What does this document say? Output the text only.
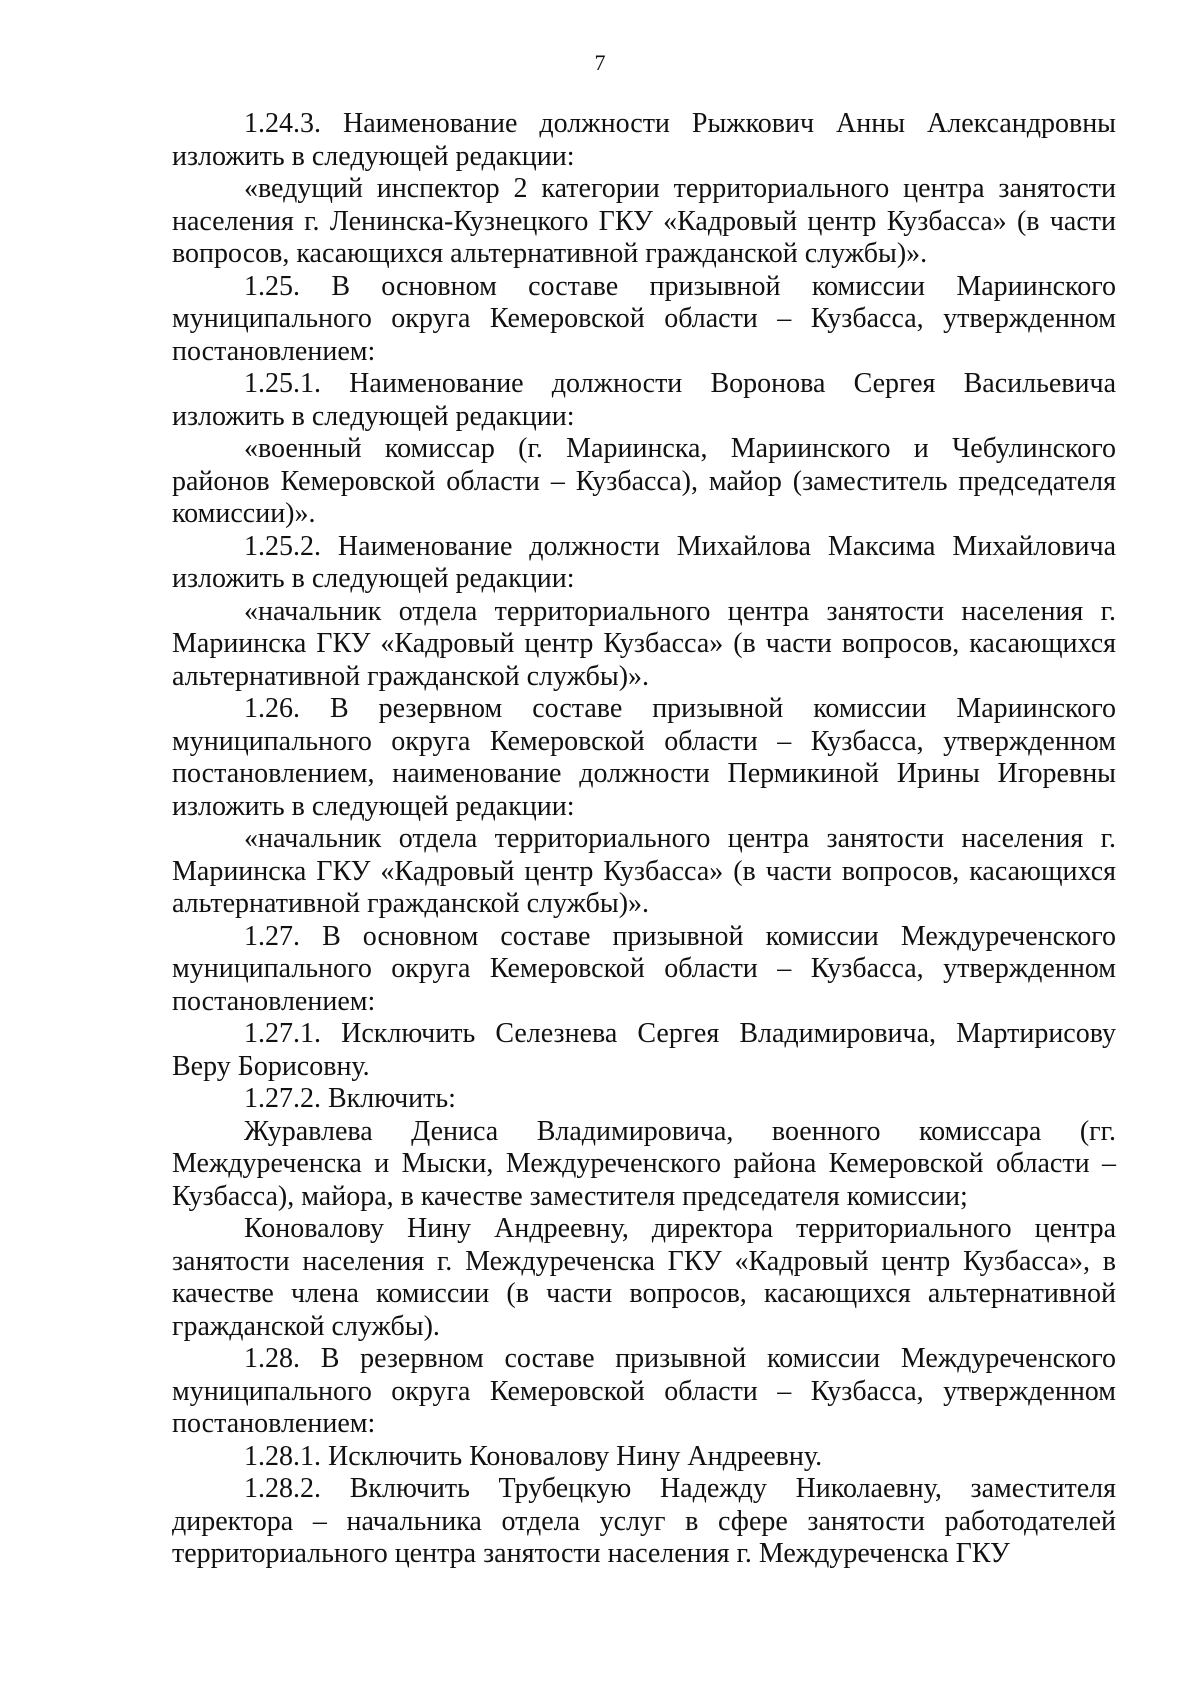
7

1.24.3. Наименование должности Рыжкович Анны Александровны изложить в следующей редакции:

«ведущий инспектор 2 категории территориального центра занятости населения г. Ленинска-Кузнецкого ГКУ «Кадровый центр Кузбасса» (в части вопросов, касающихся альтернативной гражданской службы)».

1.25. В основном составе призывной комиссии Мариинского муниципального округа Кемеровской области – Кузбасса, утвержденном постановлением:

1.25.1. Наименование должности Воронова Сергея Васильевича изложить в следующей редакции:

«военный комиссар (г. Мариинска, Мариинского и Чебулинского районов Кемеровской области – Кузбасса), майор (заместитель председателя комиссии)».

1.25.2. Наименование должности Михайлова Максима Михайловича изложить в следующей редакции:

«начальник отдела территориального центра занятости населения г. Мариинска ГКУ «Кадровый центр Кузбасса» (в части вопросов, касающихся альтернативной гражданской службы)».

1.26. В резервном составе призывной комиссии Мариинского муниципального округа Кемеровской области – Кузбасса, утвержденном постановлением, наименование должности Пермикиной Ирины Игоревны изложить в следующей редакции:

«начальник отдела территориального центра занятости населения г. Мариинска ГКУ «Кадровый центр Кузбасса» (в части вопросов, касающихся альтернативной гражданской службы)».

1.27. В основном составе призывной комиссии Междуреченского муниципального округа Кемеровской области – Кузбасса, утвержденном постановлением:

1.27.1. Исключить Селезнева Сергея Владимировича, Мартирисову Веру Борисовну.

1.27.2. Включить:

Журавлева Дениса Владимировича, военного комиссара (гг. Междуреченска и Мыски, Междуреченского района Кемеровской области – Кузбасса), майора, в качестве заместителя председателя комиссии;

Коновалову Нину Андреевну, директора территориального центра занятости населения г. Междуреченска ГКУ «Кадровый центр Кузбасса», в качестве члена комиссии (в части вопросов, касающихся альтернативной гражданской службы).

1.28. В резервном составе призывной комиссии Междуреченского муниципального округа Кемеровской области – Кузбасса, утвержденном постановлением:

1.28.1. Исключить Коновалову Нину Андреевну.

1.28.2. Включить Трубецкую Надежду Николаевну, заместителя директора – начальника отдела услуг в сфере занятости работодателей территориального центра занятости населения г. Междуреченска ГКУ
